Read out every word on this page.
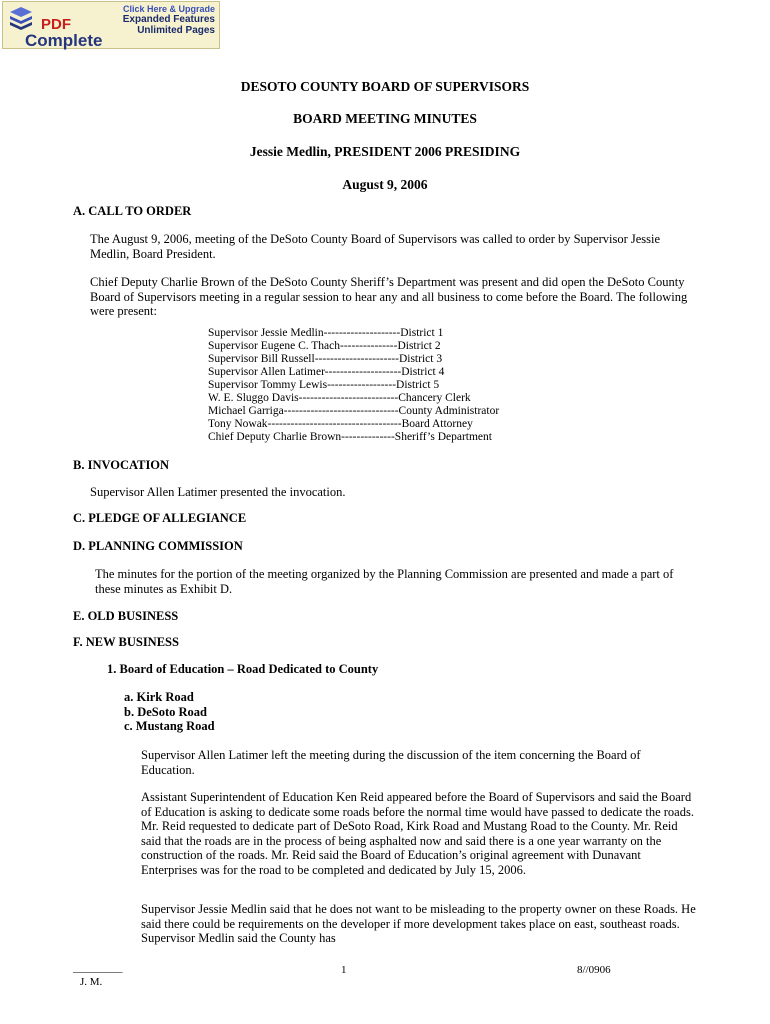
Click Here & Upgrade
Expanded Features
Unlimited Pages
PDF
Complete
DESOTO COUNTY BOARD OF SUPERVISORS
BOARD MEETING MINUTES
Jessie Medlin, PRESIDENT 2006 PRESIDING
August 9, 2006
A. CALL TO ORDER
The August 9, 2006, meeting of the DeSoto County Board of Supervisors was called to order by Supervisor Jessie Medlin, Board President.
Chief Deputy Charlie Brown of the DeSoto County Sheriff’s Department was present and did open the DeSoto County Board of Supervisors meeting in a regular session to hear any and all business to come before the Board. The following were present:
Supervisor Jessie Medlin--------------------District 1
Supervisor Eugene C. Thach---------------District 2
Supervisor Bill Russell----------------------District 3
Supervisor Allen Latimer--------------------District 4
Supervisor Tommy Lewis------------------District 5
W. E. Sluggo Davis--------------------------Chancery Clerk
Michael Garriga------------------------------County Administrator
Tony Nowak-----------------------------------Board Attorney
Chief Deputy Charlie Brown--------------Sheriff’s Department
B. INVOCATION
Supervisor Allen Latimer presented the invocation.
C. PLEDGE OF ALLEGIANCE
D. PLANNING COMMISSION
The minutes for the portion of the meeting organized by the Planning Commission are presented and made a part of these minutes as Exhibit D.
E. OLD BUSINESS
F. NEW BUSINESS
1. Board of Education – Road Dedicated to County
a. Kirk Road
b. DeSoto Road
c. Mustang Road
Supervisor Allen Latimer left the meeting during the discussion of the item concerning the Board of Education.
Assistant Superintendent of Education Ken Reid appeared before the Board of Supervisors and said the Board of Education is asking to dedicate some roads before the normal time would have passed to dedicate the roads. Mr. Reid requested to dedicate part of DeSoto Road, Kirk Road and Mustang Road to the County. Mr. Reid said that the roads are in the process of being asphalted now and said there is a one year warranty on the construction of the roads. Mr. Reid said the Board of Education’s original agreement with Dunavant Enterprises was for the road to be completed and dedicated by July 15, 2006.
Supervisor Jessie Medlin said that he does not want to be misleading to the property owner on these Roads. He said there could be requirements on the developer if more development takes place on east, southeast roads. Supervisor Medlin said the County has
_________
J. M.
1	8//0906
